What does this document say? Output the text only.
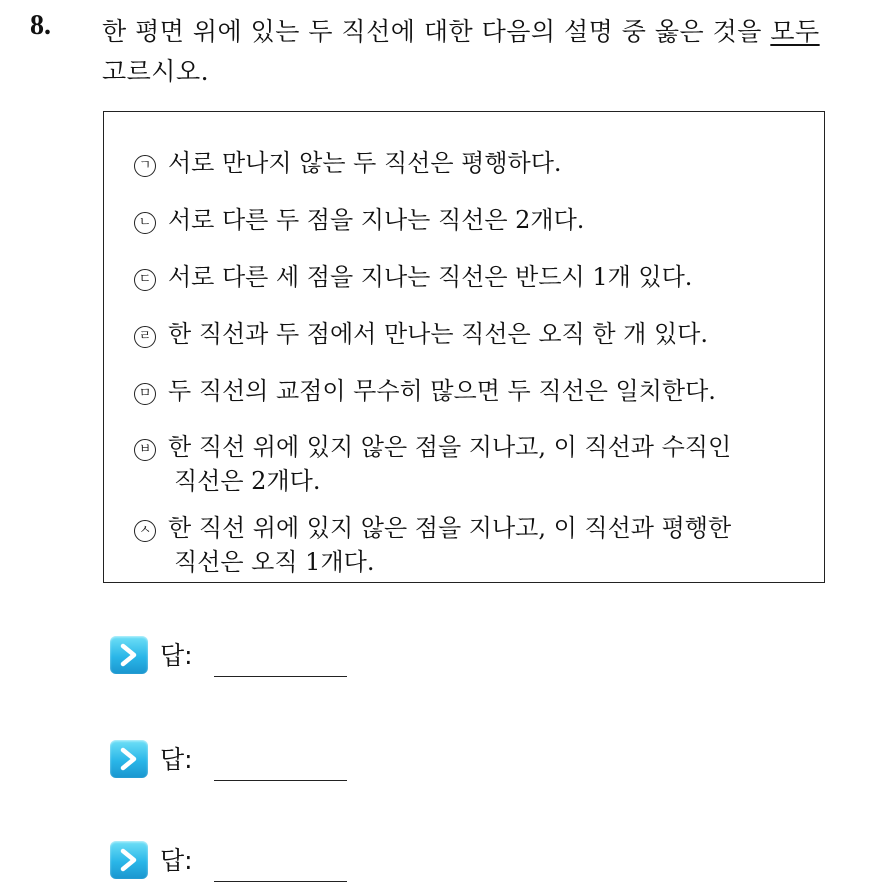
8. 한 평면 위에 있는 두 직선에 대한 다음의 설명 중 옳은 것을 모두
고르시오.
ㄱ 서로 만나지 않는 두 직선은 평행하다.
ㄴ 서로 다른 두 점을 지나는 직선은 2개다.
ㄷ 서로 다른 세 점을 지나는 직선은 반드시 1개 있다.
ㄹ 한 직선과 두 점에서 만나는 직선은 오직 한 개 있다.
ㅁ 두 직선의 교점이 무수히 많으면 두 직선은 일치한다.
ㅂ 한 직선 위에 있지 않은 점을 지나고, 이 직선과 수직인
직선은 2개다.
ㅅ 한 직선 위에 있지 않은 점을 지나고, 이 직선과 평행한
직선은 오직 1개다.
답:
답:
답:
